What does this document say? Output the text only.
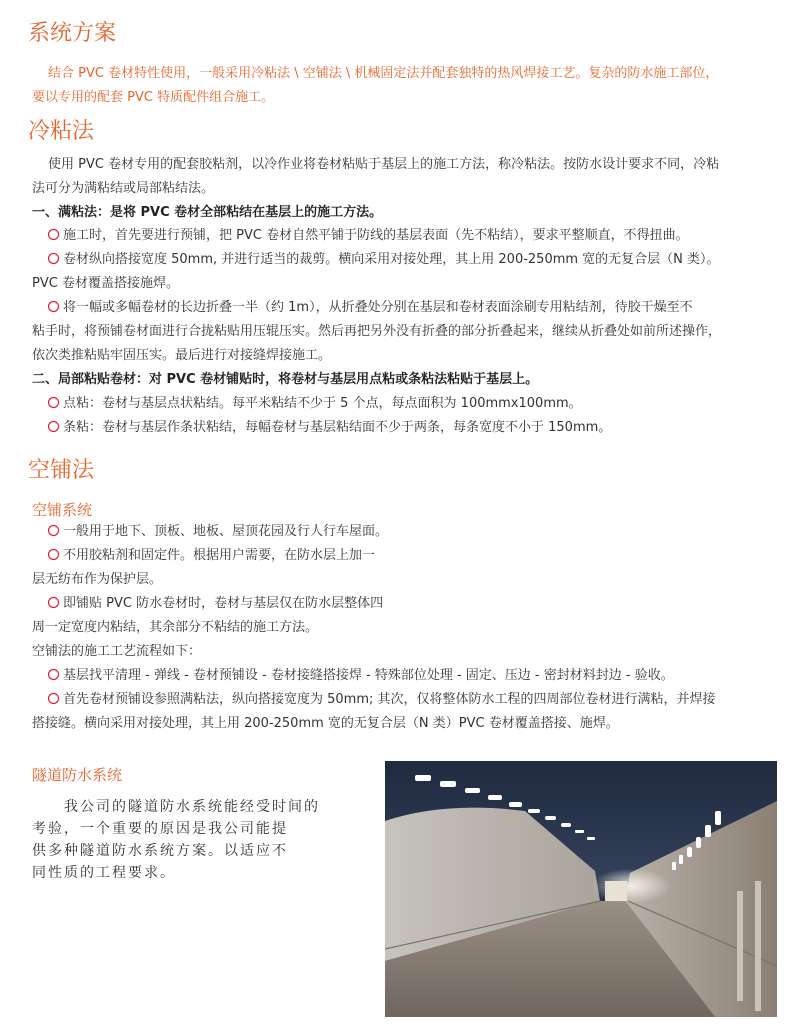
系统方案
结合 PVC 卷材特性使用，一般采用冷粘法 \ 空铺法 \ 机械固定法并配套独特的热风焊接工艺。复杂的防水施工部位，
要以专用的配套 PVC 特质配件组合施工。
冷粘法
使用 PVC 卷材专用的配套胶粘剂，以冷作业将卷材粘贴于基层上的施工方法，称冷粘法。按防水设计要求不同，冷粘
法可分为满粘结或局部粘结法。
一、满粘法：是将 PVC 卷材全部粘结在基层上的施工方法。
施工时，首先要进行预铺，把 PVC 卷材自然平铺于防线的基层表面（先不粘结），要求平整顺直，不得扭曲。
卷材纵向搭接宽度 50mm, 并进行适当的裁剪。横向采用对接处理，其上用 200-250mm 宽的无复合层（N 类）。
PVC 卷材覆盖搭接施焊。
将一幅或多幅卷材的长边折叠一半（约 1m），从折叠处分别在基层和卷材表面涂刷专用粘结剂，待胶干燥至不
粘手时，将预铺卷材面进行合拢粘贴用压辊压实。然后再把另外没有折叠的部分折叠起来，继续从折叠处如前所述操作，
依次类推粘贴牢固压实。最后进行对接缝焊接施工。
二、局部粘贴卷材：对 PVC 卷材铺贴时，将卷材与基层用点粘或条粘法粘贴于基层上。
点粘：卷材与基层点状粘结。每平米粘结不少于 5 个点，每点面积为 100mmx100mm。
条粘：卷材与基层作条状粘结，每幅卷材与基层粘结面不少于两条，每条宽度不小于 150mm。
空铺法
空铺系统
一般用于地下、顶板、地板、屋顶花园及行人行车屋面。
不用胶粘剂和固定件。根据用户需要，在防水层上加一
层无纺布作为保护层。
即铺贴 PVC 防水卷材时，卷材与基层仅在防水层整体四
周一定宽度内粘结，其余部分不粘结的施工方法。
空铺法的施工工艺流程如下：
基层找平清理 - 弹线 - 卷材预铺设 - 卷材接缝搭接焊 - 特殊部位处理 - 固定、压边 - 密封材料封边 - 验收。
首先卷材预铺设参照满粘法，纵向搭接宽度为 50mm; 其次，仅将整体防水工程的四周部位卷材进行满粘，并焊接
搭接缝。横向采用对接处理，其上用 200-250mm 宽的无复合层（N 类）PVC 卷材覆盖搭接、施焊。
隧道防水系统
我公司的隧道防水系统能经受时间的
考验，一个重要的原因是我公司能提
供多种隧道防水系统方案。以适应不
同性质的工程要求。
